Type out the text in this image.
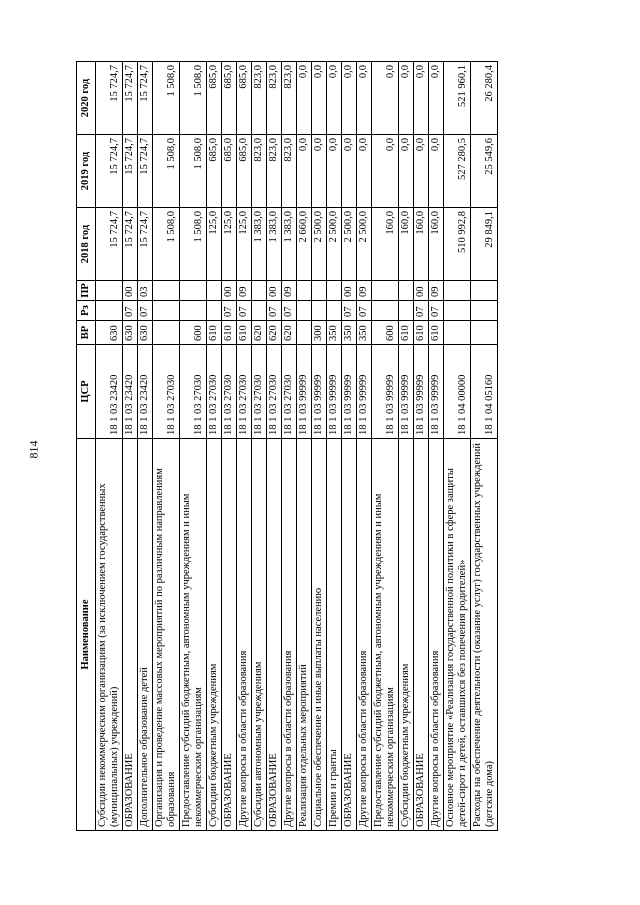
814
Наименование	ЦСР	ВР	Рз	ПР	2018 год	2019 год	2020 год
Субсидии некоммерческим организациям (за исключением государственных (муниципальных) учреждений)	18 1 03 23420	630			15 724,7	15 724,7	15 724,7
ОБРАЗОВАНИЕ	18 1 03 23420	630	07	00	15 724,7	15 724,7	15 724,7
Дополнительное образование детей	18 1 03 23420	630	07	03	15 724,7	15 724,7	15 724,7
Организация и проведение массовых мероприятий по различным направлениям образования	18 1 03 27030				1 508,0	1 508,0	1 508,0
Предоставление субсидий бюджетным, автономным учреждениям и иным некоммерческим организациям	18 1 03 27030	600			1 508,0	1 508,0	1 508,0
Субсидии бюджетным учреждениям	18 1 03 27030	610			125,0	685,0	685,0
ОБРАЗОВАНИЕ	18 1 03 27030	610	07	00	125,0	685,0	685,0
Другие вопросы в области образования	18 1 03 27030	610	07	09	125,0	685,0	685,0
Субсидии автономным учреждениям	18 1 03 27030	620			1 383,0	823,0	823,0
ОБРАЗОВАНИЕ	18 1 03 27030	620	07	00	1 383,0	823,0	823,0
Другие вопросы в области образования	18 1 03 27030	620	07	09	1 383,0	823,0	823,0
Реализация отдельных мероприятий	18 1 03 99999				2 660,0	0,0	0,0
Социальное обеспечение и иные выплаты населению	18 1 03 99999	300			2 500,0	0,0	0,0
Премии и гранты	18 1 03 99999	350			2 500,0	0,0	0,0
ОБРАЗОВАНИЕ	18 1 03 99999	350	07	00	2 500,0	0,0	0,0
Другие вопросы в области образования	18 1 03 99999	350	07	09	2 500,0	0,0	0,0
Предоставление субсидий бюджетным, автономным учреждениям и иным некоммерческим организациям	18 1 03 99999	600			160,0	0,0	0,0
Субсидии бюджетным учреждениям	18 1 03 99999	610			160,0	0,0	0,0
ОБРАЗОВАНИЕ	18 1 03 99999	610	07	00	160,0	0,0	0,0
Другие вопросы в области образования	18 1 03 99999	610	07	09	160,0	0,0	0,0
Основное мероприятие «Реализация государственной политики в сфере защиты детей-сирот и детей, оставшихся без попечения родителей»	18 1 04 00000				510 992,8	527 280,5	521 960,1
Расходы на обеспечение деятельности (оказание услуг) государственных учреждений (детские дома)	18 1 04 05160				29 849,1	25 549,6	26 280,4
